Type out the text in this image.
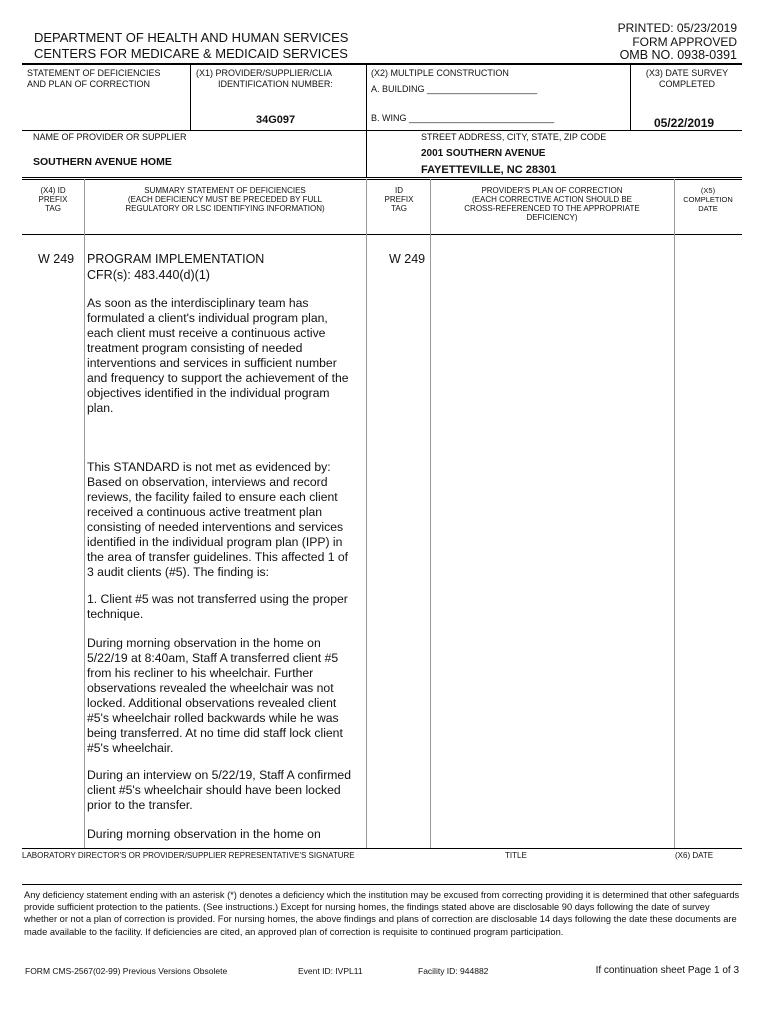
DEPARTMENT OF HEALTH AND HUMAN SERVICES
CENTERS FOR MEDICARE & MEDICAID SERVICES
PRINTED: 05/23/2019
FORM APPROVED
OMB NO. 0938-0391
STATEMENT OF DEFICIENCIES
AND PLAN OF CORRECTION
(X1) PROVIDER/SUPPLIER/CLIA
IDENTIFICATION NUMBER:
34G097
(X2) MULTIPLE CONSTRUCTION
A. BUILDING ______________________
B. WING _____________________________
(X3) DATE SURVEY
COMPLETED
05/22/2019
NAME OF PROVIDER OR SUPPLIER
SOUTHERN AVENUE HOME
STREET ADDRESS, CITY, STATE, ZIP CODE
2001 SOUTHERN AVENUE
FAYETTEVILLE, NC 28301
(X4) ID
PREFIX
TAG
SUMMARY STATEMENT OF DEFICIENCIES
(EACH DEFICIENCY MUST BE PRECEDED BY FULL
REGULATORY OR LSC IDENTIFYING INFORMATION)
ID
PREFIX
TAG
PROVIDER'S PLAN OF CORRECTION
(EACH CORRECTIVE ACTION SHOULD BE
CROSS-REFERENCED TO THE APPROPRIATE
DEFICIENCY)
(X5)
COMPLETION
DATE
W 249	W 249
PROGRAM IMPLEMENTATION
CFR(s): 483.440(d)(1)
As soon as the interdisciplinary team has
formulated a client's individual program plan,
each client must receive a continuous active
treatment program consisting of needed
interventions and services in sufficient number
and frequency to support the achievement of the
objectives identified in the individual program
plan.
This STANDARD is not met as evidenced by:
Based on observation, interviews and record
reviews, the facility failed to ensure each client
received a continuous active treatment plan
consisting of needed interventions and services
identified in the individual program plan (IPP) in
the area of transfer guidelines. This affected 1 of
3 audit clients (#5). The finding is:
1. Client #5 was not transferred using the proper
technique.
During morning observation in the home on
5/22/19 at 8:40am, Staff A transferred client #5
from his recliner to his wheelchair. Further
observations revealed the wheelchair was not
locked. Additional observations revealed client
#5's wheelchair rolled backwards while he was
being transferred. At no time did staff lock client
#5's wheelchair.
During an interview on 5/22/19, Staff A confirmed
client #5's wheelchair should have been locked
prior to the transfer.
During morning observation in the home on
LABORATORY DIRECTOR'S OR PROVIDER/SUPPLIER REPRESENTATIVE'S SIGNATURE	TITLE	(X6) DATE
Any deficiency statement ending with an asterisk (*) denotes a deficiency which the institution may be excused from correcting providing it is determined that other safeguards provide sufficient protection to the patients. (See instructions.) Except for nursing homes, the findings stated above are disclosable 90 days following the date of survey whether or not a plan of correction is provided. For nursing homes, the above findings and plans of correction are disclosable 14 days following the date these documents are made available to the facility. If deficiencies are cited, an approved plan of correction is requisite to continued program participation.
FORM CMS-2567(02-99) Previous Versions Obsolete	Event ID: IVPL11	Facility ID: 944882	If continuation sheet Page 1 of 3
